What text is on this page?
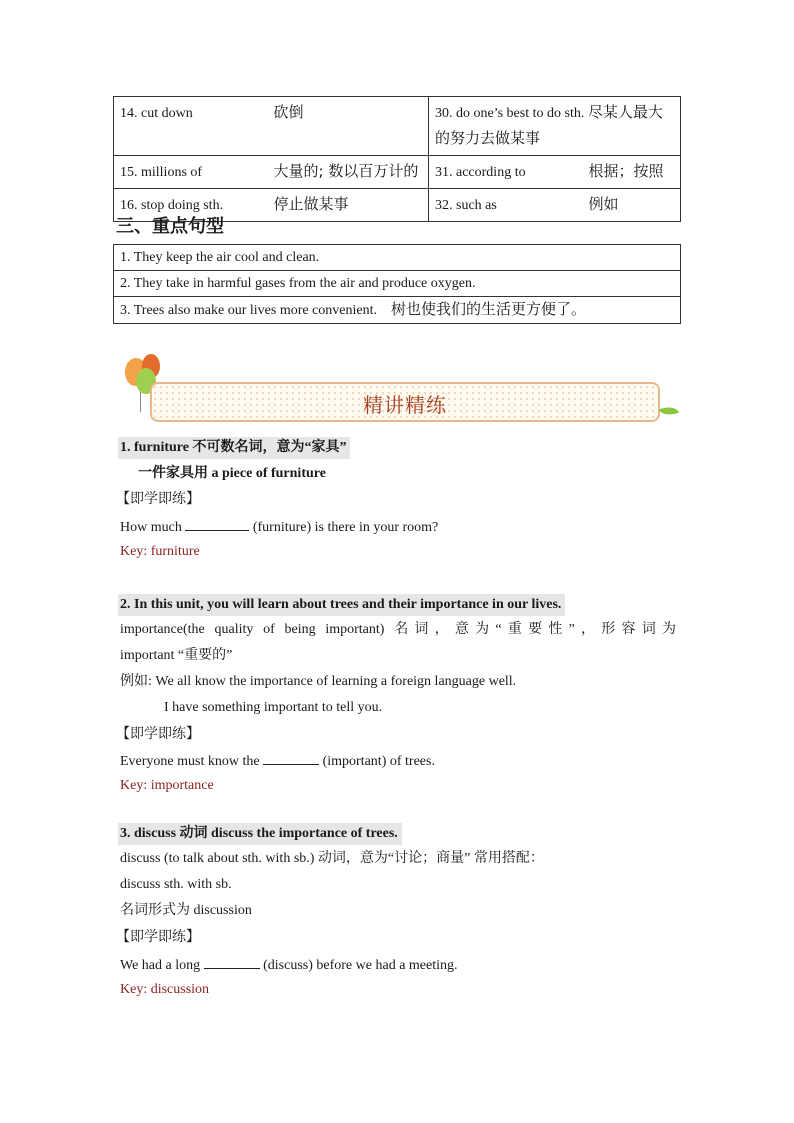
14. cut down 砍倒	30. do one’s best to do sth. 尽某人最大的努力去做某事
15. millions of 大量的; 数以百万计的	31. according to 根据；按照
16. stop doing sth. 停止做某事	32. such as 例如
三、重点句型
1. They keep the air cool and clean.
2. They take in harmful gases from the air and produce oxygen.
3. Trees also make our lives more convenient. 树也使我们的生活更方便了。
精讲精练
1. furniture 不可数名词，意为“家具”
一件家具用 a piece of furniture
【即学即练】
How much	(furniture) is there in your room?
Key: furniture
2. In this unit, you will learn about trees and their importance in our lives.
importance(the quality of being important) 名词，意为“重要性”，形容词为
important “重要的”
例如: We all know the importance of learning a foreign language well.
I have something important to tell you.
【即学即练】
Everyone must know the	(important) of trees.
Key: importance
3. discuss 动词 discuss the importance of trees.
discuss (to talk about sth. with sb.) 动词，意为“讨论；商量” 常用搭配：
discuss sth. with sb.
名词形式为 discussion
【即学即练】
We had a long	(discuss) before we had a meeting.
Key: discussion
